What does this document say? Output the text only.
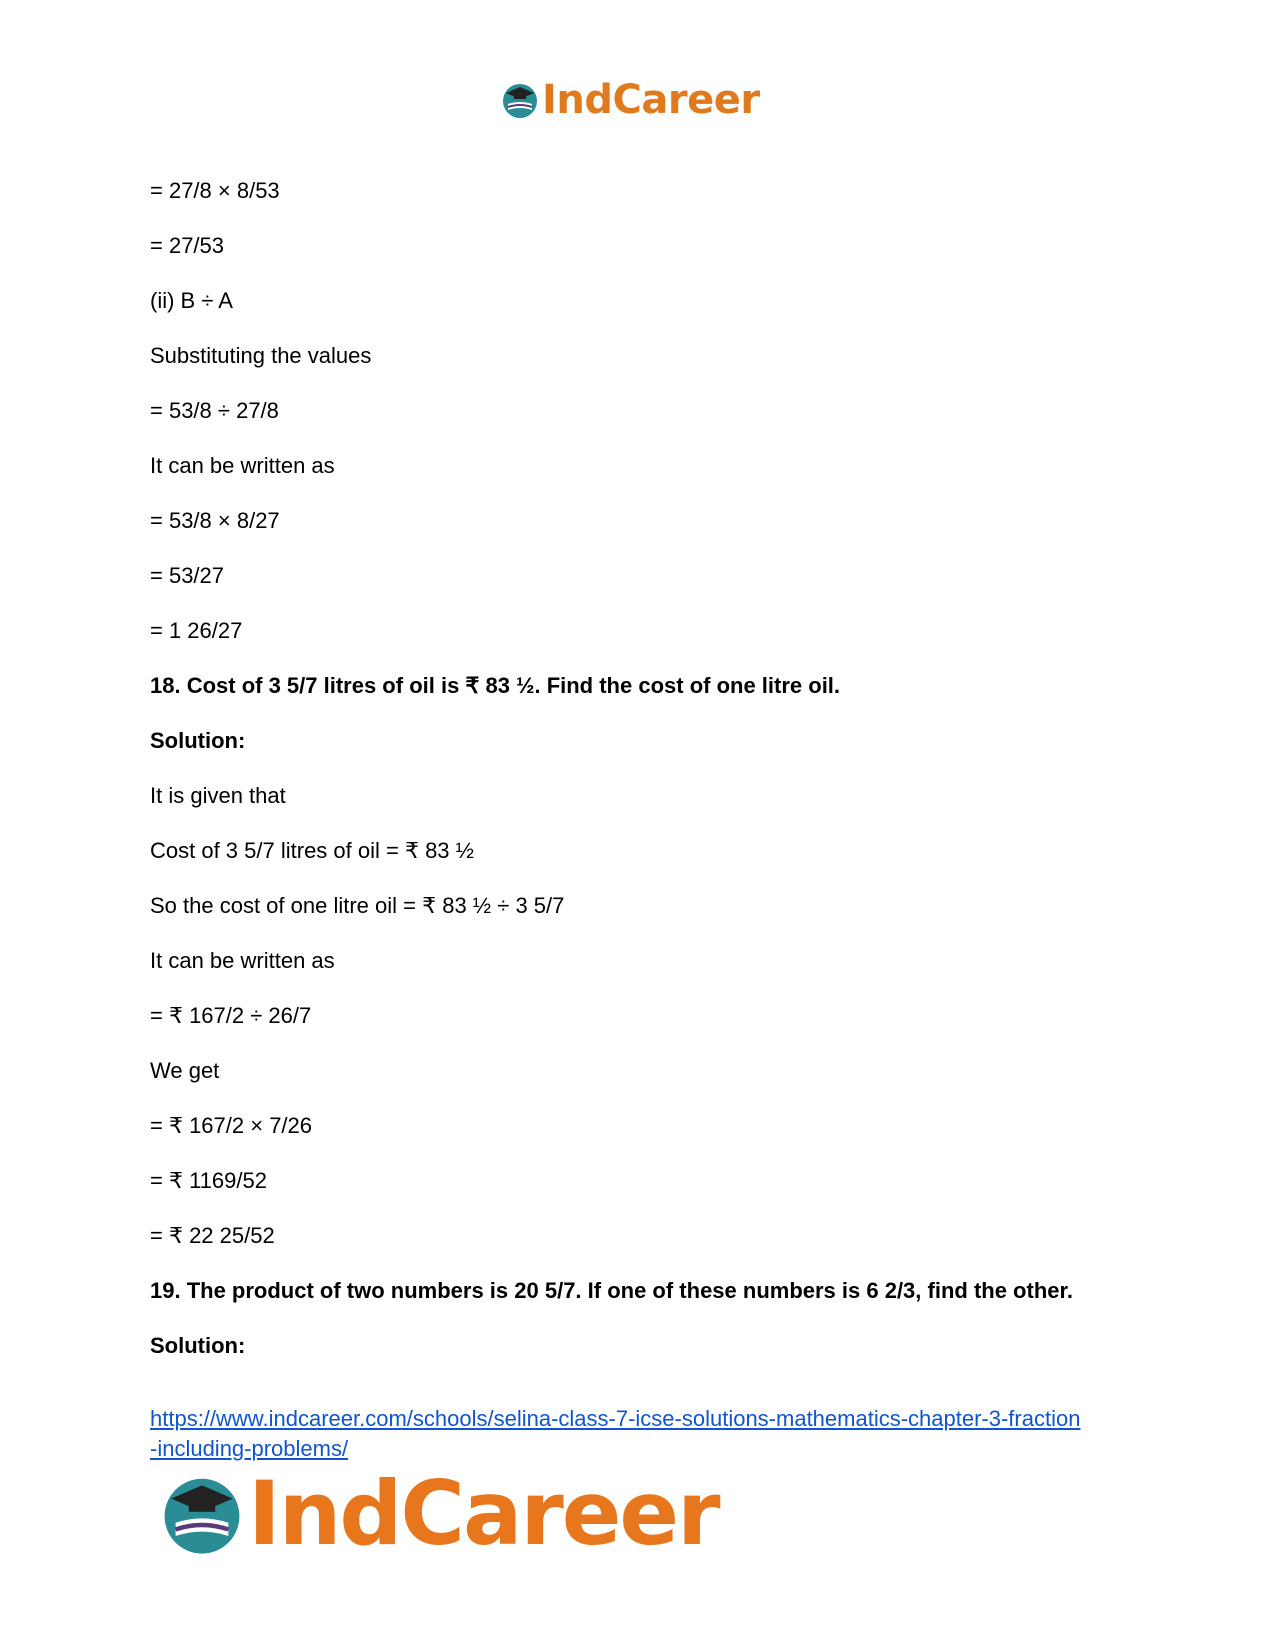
IndCareer

= 27/8 × 8/53

= 27/53

(ii) B ÷ A

Substituting the values

= 53/8 ÷ 27/8

It can be written as

= 53/8 × 8/27

= 53/27

= 1 26/27

18. Cost of 3 5/7 litres of oil is ₹ 83 ½. Find the cost of one litre oil.

Solution:

It is given that

Cost of 3 5/7 litres of oil = ₹ 83 ½

So the cost of one litre oil = ₹ 83 ½ ÷ 3 5/7

It can be written as

= ₹ 167/2 ÷ 26/7

We get

= ₹ 167/2 × 7/26

= ₹ 1169/52

= ₹ 22 25/52

19. The product of two numbers is 20 5/7. If one of these numbers is 6 2/3, find the other.

Solution:

https://www.indcareer.com/schools/selina-class-7-icse-solutions-mathematics-chapter-3-fraction
-including-problems/
IndCareer
